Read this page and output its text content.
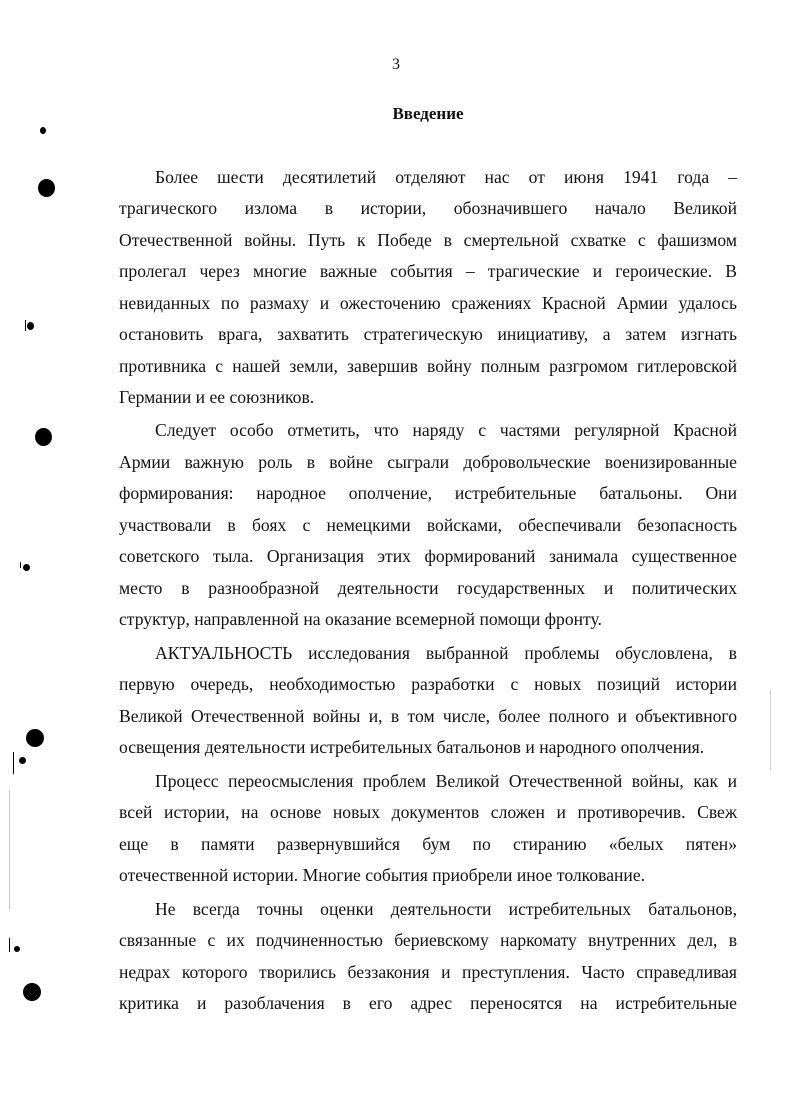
3
Введение
Более шести десятилетий отделяют нас от июня 1941 года –
трагического излома в истории, обозначившего начало Великой
Отечественной войны. Путь к Победе в смертельной схватке с фашизмом
пролегал через многие важные события – трагические и героические. В
невиданных по размаху и ожесточению сражениях Красной Армии удалось
остановить врага, захватить стратегическую инициативу, а затем изгнать
противника с нашей земли, завершив войну полным разгромом гитлеровской
Германии и ее союзников.
Следует особо отметить, что наряду с частями регулярной Красной
Армии важную роль в войне сыграли добровольческие военизированные
формирования: народное ополчение, истребительные батальоны. Они
участвовали в боях с немецкими войсками, обеспечивали безопасность
советского тыла. Организация этих формирований занимала существенное
место в разнообразной деятельности государственных и политических
структур, направленной на оказание всемерной помощи фронту.
АКТУАЛЬНОСТЬ исследования выбранной проблемы обусловлена, в
первую очередь, необходимостью разработки с новых позиций истории
Великой Отечественной войны и, в том числе, более полного и объективного
освещения деятельности истребительных батальонов и народного ополчения.
Процесс переосмысления проблем Великой Отечественной войны, как и
всей истории, на основе новых документов сложен и противоречив. Свеж
еще в памяти развернувшийся бум по стиранию «белых пятен»
отечественной истории. Многие события приобрели иное толкование.
Не всегда точны оценки деятельности истребительных батальонов,
связанные с их подчиненностью бериевскому наркомату внутренних дел, в
недрах которого творились беззакония и преступления. Часто справедливая
критика и разоблачения в его адрес переносятся на истребительные
